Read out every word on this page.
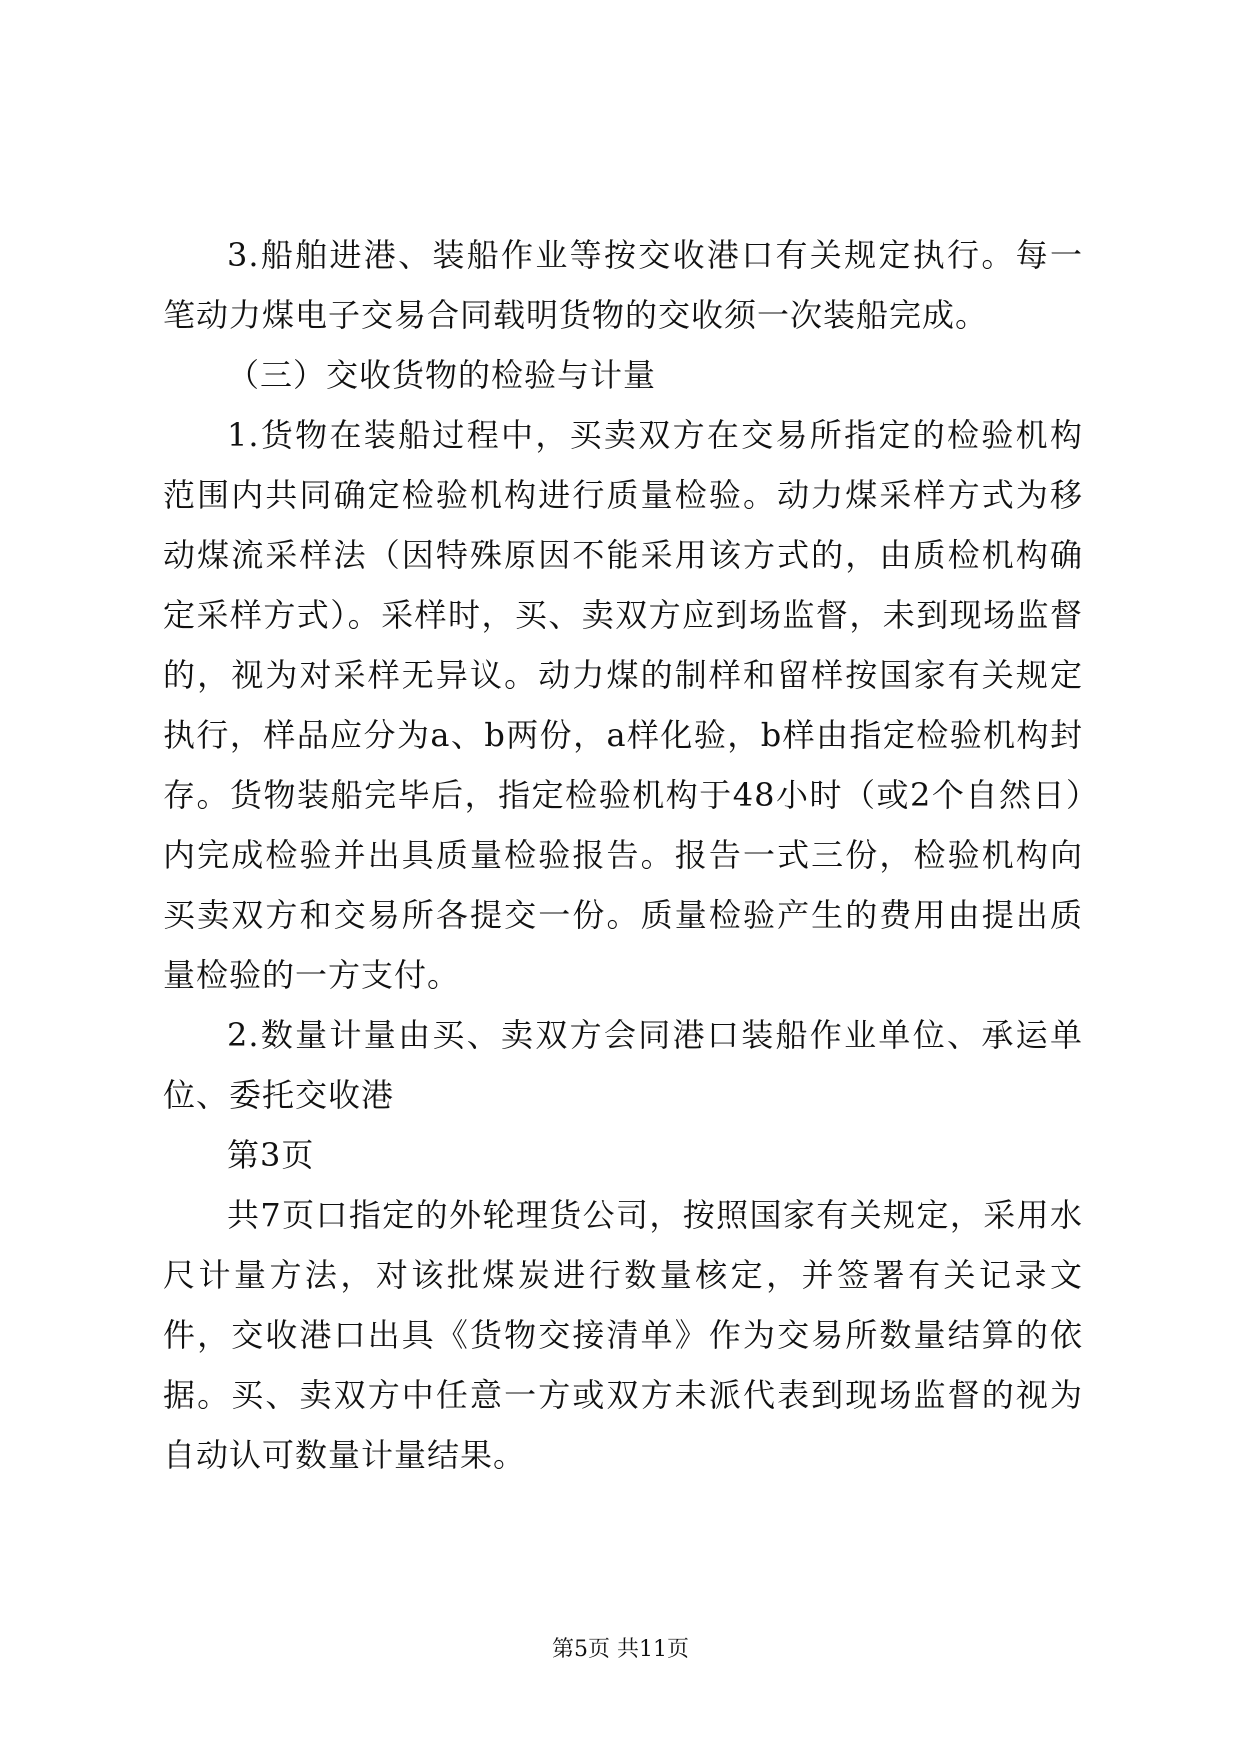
3.船舶进港、装船作业等按交收港口有关规定执行。每一笔动力煤电子交易合同载明货物的交收须一次装船完成。

（三）交收货物的检验与计量

1.货物在装船过程中，买卖双方在交易所指定的检验机构范围内共同确定检验机构进行质量检验。动力煤采样方式为移动煤流采样法（因特殊原因不能采用该方式的，由质检机构确定采样方式）。采样时，买、卖双方应到场监督，未到现场监督的，视为对采样无异议。动力煤的制样和留样按国家有关规定执行，样品应分为a、b两份，a样化验，b样由指定检验机构封存。货物装船完毕后，指定检验机构于48小时（或2个自然日）内完成检验并出具质量检验报告。报告一式三份，检验机构向买卖双方和交易所各提交一份。质量检验产生的费用由提出质量检验的一方支付。

2.数量计量由买、卖双方会同港口装船作业单位、承运单位、委托交收港

第3页

共7页口指定的外轮理货公司，按照国家有关规定，采用水尺计量方法，对该批煤炭进行数量核定，并签署有关记录文件，交收港口出具《货物交接清单》作为交易所数量结算的依据。买、卖双方中任意一方或双方未派代表到现场监督的视为自动认可数量计量结果。

第5页 共11页
